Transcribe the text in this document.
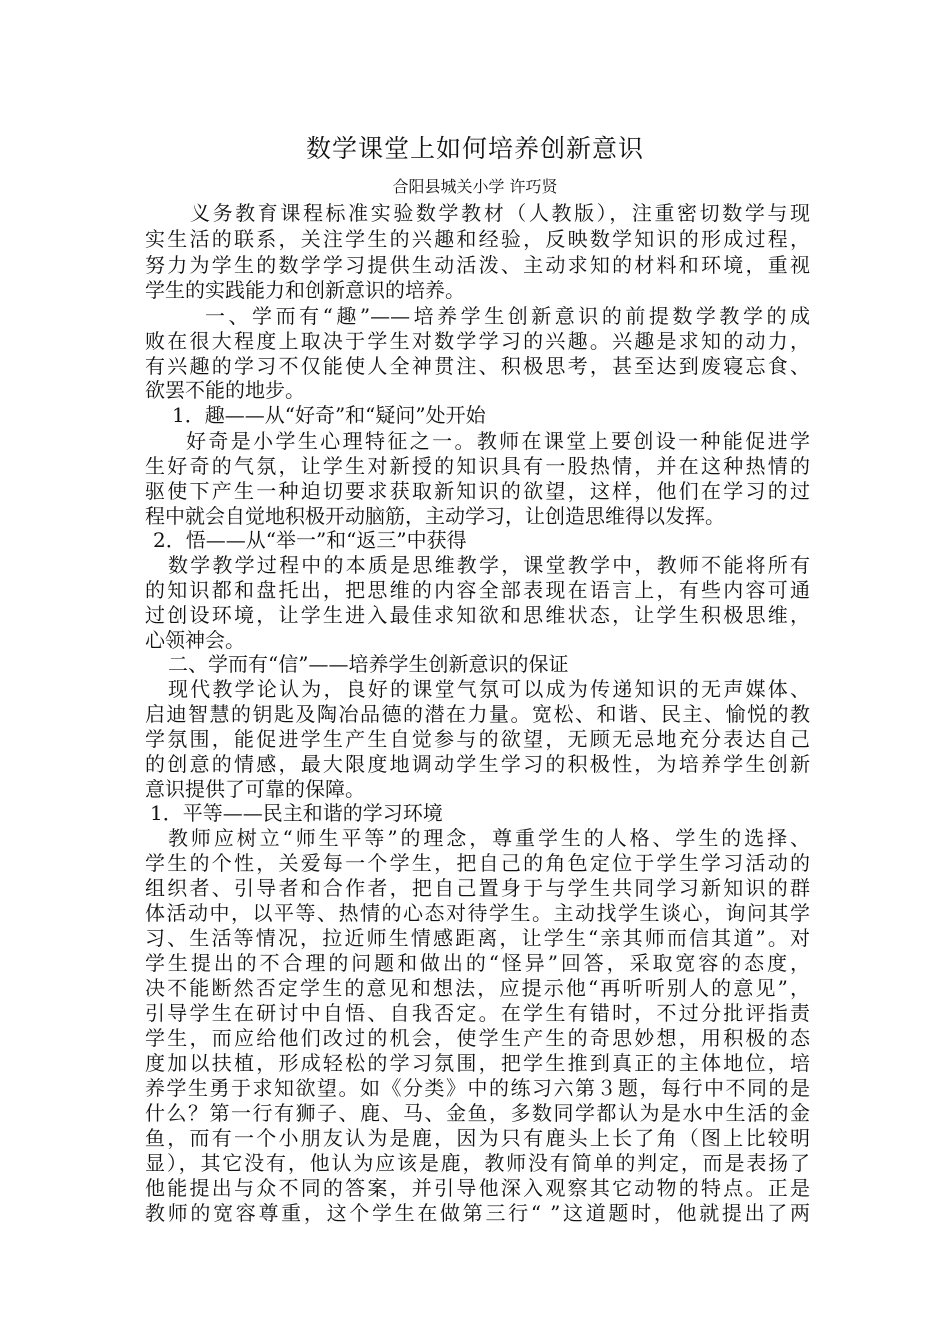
数学课堂上如何培养创新意识
合阳县城关小学 许巧贤
义务教育课程标准实验数学教材（人教版），注重密切数学与现
实生活的联系，关注学生的兴趣和经验，反映数学知识的形成过程，
努力为学生的数学学习提供生动活泼、主动求知的材料和环境，重视
学生的实践能力和创新意识的培养。
一、学而有“趣”——培养学生创新意识的前提数学教学的成
败在很大程度上取决于学生对数学学习的兴趣。兴趣是求知的动力，
有兴趣的学习不仅能使人全神贯注、积极思考，甚至达到废寝忘食、
欲罢不能的地步。
1．趣——从“好奇”和“疑问”处开始
好奇是小学生心理特征之一。教师在课堂上要创设一种能促进学
生好奇的气氛，让学生对新授的知识具有一股热情，并在这种热情的
驱使下产生一种迫切要求获取新知识的欲望，这样，他们在学习的过
程中就会自觉地积极开动脑筋，主动学习，让创造思维得以发挥。
2．悟——从“举一”和“返三”中获得
数学教学过程中的本质是思维教学，课堂教学中，教师不能将所有
的知识都和盘托出，把思维的内容全部表现在语言上，有些内容可通
过创设环境，让学生进入最佳求知欲和思维状态，让学生积极思维，
心领神会。
二、学而有“信”——培养学生创新意识的保证
现代教学论认为，良好的课堂气氛可以成为传递知识的无声媒体、
启迪智慧的钥匙及陶冶品德的潜在力量。宽松、和谐、民主、愉悦的教
学氛围，能促进学生产生自觉参与的欲望，无顾无忌地充分表达自己
的创意的情感，最大限度地调动学生学习的积极性，为培养学生创新
意识提供了可靠的保障。
1．平等——民主和谐的学习环境
教师应树立“师生平等”的理念，尊重学生的人格、学生的选择、
学生的个性，关爱每一个学生，把自己的角色定位于学生学习活动的
组织者、引导者和合作者，把自己置身于与学生共同学习新知识的群
体活动中，以平等、热情的心态对待学生。主动找学生谈心，询问其学
习、生活等情况，拉近师生情感距离，让学生“亲其师而信其道”。对
学生提出的不合理的问题和做出的“怪异”回答，采取宽容的态度，
决不能断然否定学生的意见和想法，应提示他“再听听别人的意见”，
引导学生在研讨中自悟、自我否定。在学生有错时，不过分批评指责
学生，而应给他们改过的机会，使学生产生的奇思妙想，用积极的态
度加以扶植，形成轻松的学习氛围，把学生推到真正的主体地位，培
养学生勇于求知欲望。如《分类》中的练习六第３题，每行中不同的是
什么？第一行有狮子、鹿、马、金鱼，多数同学都认为是水中生活的金
鱼，而有一个小朋友认为是鹿，因为只有鹿头上长了角（图上比较明
显），其它没有，他认为应该是鹿，教师没有简单的判定，而是表扬了
他能提出与众不同的答案，并引导他深入观察其它动物的特点。正是
教师的宽容尊重，这个学生在做第三行“ ”这道题时，他就提出了两
